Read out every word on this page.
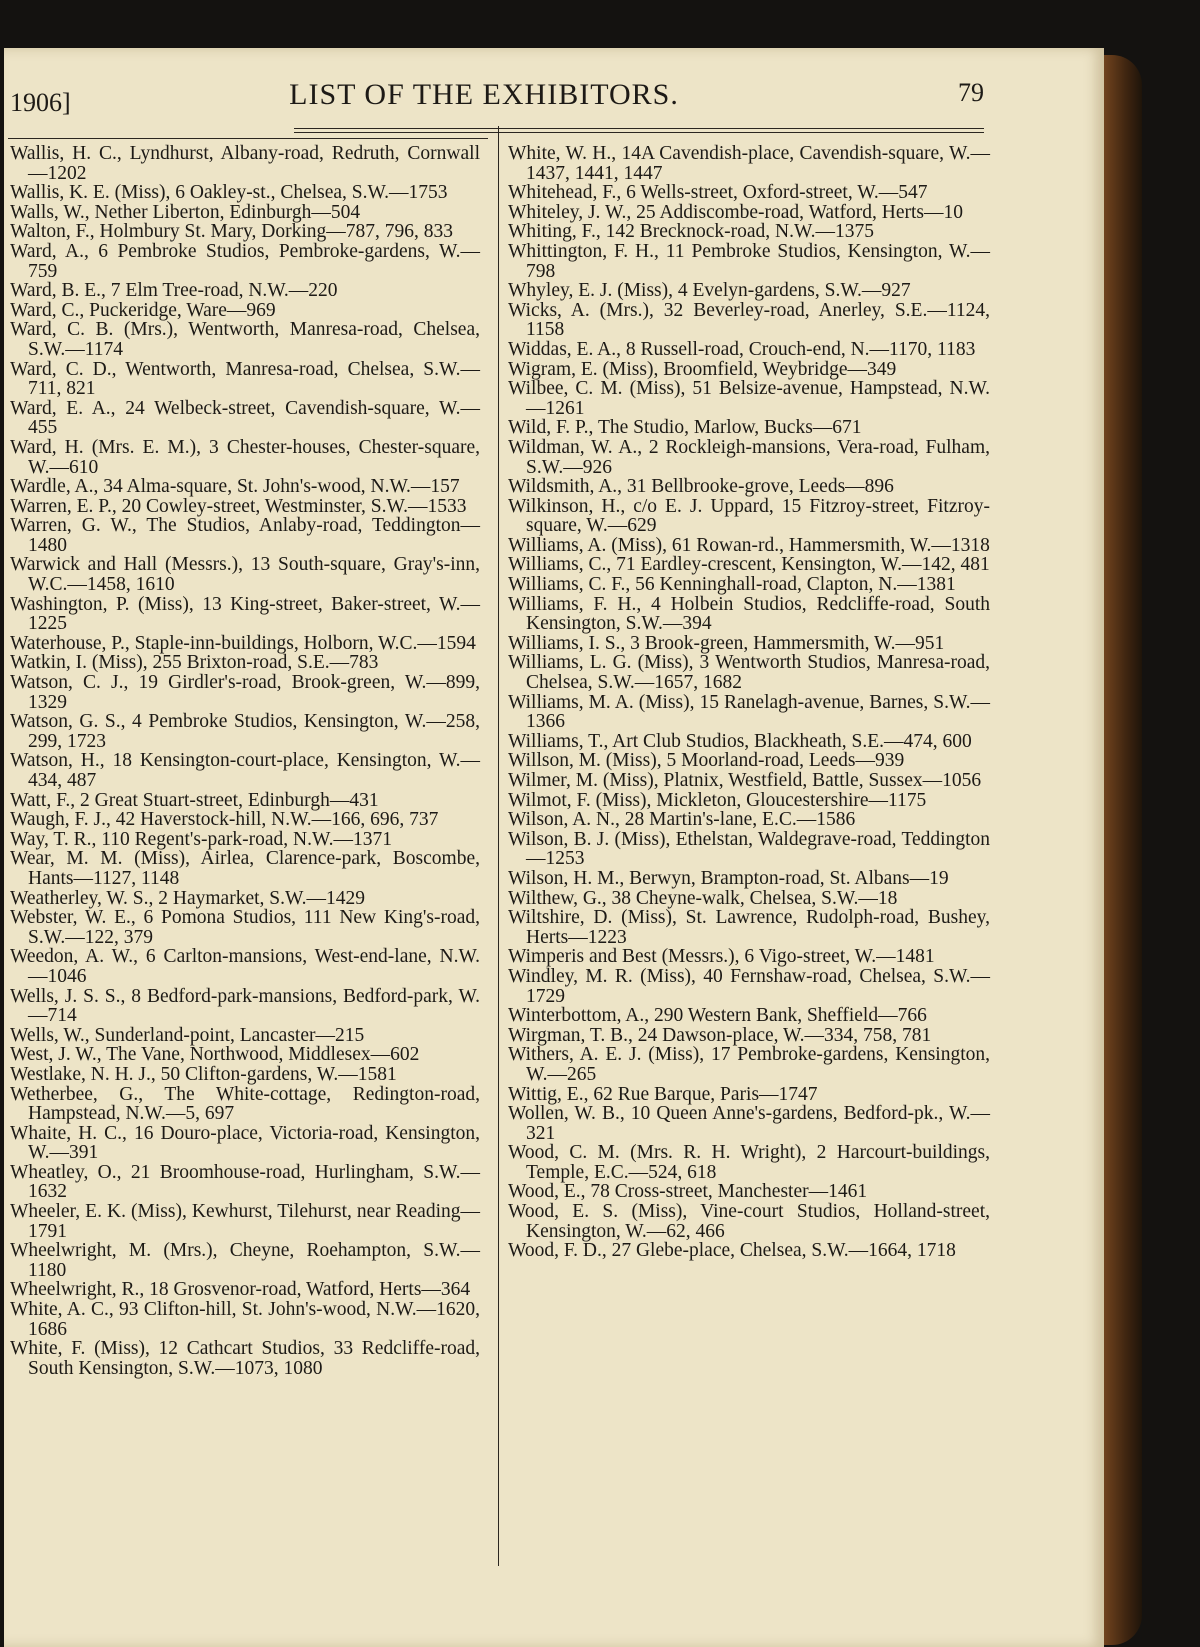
1906]	LIST OF THE EXHIBITORS.	79

Wallis, H. C., Lyndhurst, Albany-road, Redruth, Cornwall—1202

Wallis, K. E. (Miss), 6 Oakley-st., Chelsea, S.W.—1753

Walls, W., Nether Liberton, Edinburgh—504

Walton, F., Holmbury St. Mary, Dorking—787, 796, 833

Ward, A., 6 Pembroke Studios, Pembroke-gardens, W.—759

Ward, B. E., 7 Elm Tree-road, N.W.—220

Ward, C., Puckeridge, Ware—969

Ward, C. B. (Mrs.), Wentworth, Manresa-road, Chelsea, S.W.—1174

Ward, C. D., Wentworth, Manresa-road, Chelsea, S.W.—711, 821

Ward, E. A., 24 Welbeck-street, Cavendish-square, W.—455

Ward, H. (Mrs. E. M.), 3 Chester-houses, Chester-square, W.—610

Wardle, A., 34 Alma-square, St. John's-wood, N.W.—157

Warren, E. P., 20 Cowley-street, Westminster, S.W.—1533

Warren, G. W., The Studios, Anlaby-road, Teddington—1480

Warwick and Hall (Messrs.), 13 South-square, Gray's-inn, W.C.—1458, 1610

Washington, P. (Miss), 13 King-street, Baker-street, W.—1225

Waterhouse, P., Staple-inn-buildings, Holborn, W.C.—1594

Watkin, I. (Miss), 255 Brixton-road, S.E.—783

Watson, C. J., 19 Girdler's-road, Brook-green, W.—899, 1329

Watson, G. S., 4 Pembroke Studios, Kensington, W.—258, 299, 1723

Watson, H., 18 Kensington-court-place, Kensington, W.—434, 487

Watt, F., 2 Great Stuart-street, Edinburgh—431

Waugh, F. J., 42 Haverstock-hill, N.W.—166, 696, 737

Way, T. R., 110 Regent's-park-road, N.W.—1371

Wear, M. M. (Miss), Airlea, Clarence-park, Boscombe, Hants—1127, 1148

Weatherley, W. S., 2 Haymarket, S.W.—1429

Webster, W. E., 6 Pomona Studios, 111 New King's-road, S.W.—122, 379

Weedon, A. W., 6 Carlton-mansions, West-end-lane, N.W.—1046

Wells, J. S. S., 8 Bedford-park-mansions, Bedford-park, W.—714

Wells, W., Sunderland-point, Lancaster—215

West, J. W., The Vane, Northwood, Middlesex—602

Westlake, N. H. J., 50 Clifton-gardens, W.—1581

Wetherbee, G., The White-cottage, Redington-road, Hampstead, N.W.—5, 697

Whaite, H. C., 16 Douro-place, Victoria-road, Kensington, W.—391

Wheatley, O., 21 Broomhouse-road, Hurlingham, S.W.—1632

Wheeler, E. K. (Miss), Kewhurst, Tilehurst, near Reading—1791

Wheelwright, M. (Mrs.), Cheyne, Roehampton, S.W.—1180

Wheelwright, R., 18 Grosvenor-road, Watford, Herts—364

White, A. C., 93 Clifton-hill, St. John's-wood, N.W.—1620, 1686

White, F. (Miss), 12 Cathcart Studios, 33 Redcliffe-road, South Kensington, S.W.—1073, 1080

White, W. H., 14A Cavendish-place, Cavendish-square, W.—1437, 1441, 1447

Whitehead, F., 6 Wells-street, Oxford-street, W.—547

Whiteley, J. W., 25 Addiscombe-road, Watford, Herts—10

Whiting, F., 142 Brecknock-road, N.W.—1375

Whittington, F. H., 11 Pembroke Studios, Kensington, W.—798

Whyley, E. J. (Miss), 4 Evelyn-gardens, S.W.—927

Wicks, A. (Mrs.), 32 Beverley-road, Anerley, S.E.—1124, 1158

Widdas, E. A., 8 Russell-road, Crouch-end, N.—1170, 1183

Wigram, E. (Miss), Broomfield, Weybridge—349

Wilbee, C. M. (Miss), 51 Belsize-avenue, Hampstead, N.W.—1261

Wild, F. P., The Studio, Marlow, Bucks—671

Wildman, W. A., 2 Rockleigh-mansions, Vera-road, Fulham, S.W.—926

Wildsmith, A., 31 Bellbrooke-grove, Leeds—896

Wilkinson, H., c/o E. J. Uppard, 15 Fitzroy-street, Fitzroy-square, W.—629

Williams, A. (Miss), 61 Rowan-rd., Hammersmith, W.—1318

Williams, C., 71 Eardley-crescent, Kensington, W.—142, 481

Williams, C. F., 56 Kenninghall-road, Clapton, N.—1381

Williams, F. H., 4 Holbein Studios, Redcliffe-road, South Kensington, S.W.—394

Williams, I. S., 3 Brook-green, Hammersmith, W.—951

Williams, L. G. (Miss), 3 Wentworth Studios, Manresa-road, Chelsea, S.W.—1657, 1682

Williams, M. A. (Miss), 15 Ranelagh-avenue, Barnes, S.W.—1366

Williams, T., Art Club Studios, Blackheath, S.E.—474, 600

Willson, M. (Miss), 5 Moorland-road, Leeds—939

Wilmer, M. (Miss), Platnix, Westfield, Battle, Sussex—1056

Wilmot, F. (Miss), Mickleton, Gloucestershire—1175

Wilson, A. N., 28 Martin's-lane, E.C.—1586

Wilson, B. J. (Miss), Ethelstan, Waldegrave-road, Teddington—1253

Wilson, H. M., Berwyn, Brampton-road, St. Albans—19

Wilthew, G., 38 Cheyne-walk, Chelsea, S.W.—18

Wiltshire, D. (Miss), St. Lawrence, Rudolph-road, Bushey, Herts—1223

Wimperis and Best (Messrs.), 6 Vigo-street, W.—1481

Windley, M. R. (Miss), 40 Fernshaw-road, Chelsea, S.W.—1729

Winterbottom, A., 290 Western Bank, Sheffield—766

Wirgman, T. B., 24 Dawson-place, W.—334, 758, 781

Withers, A. E. J. (Miss), 17 Pembroke-gardens, Kensington, W.—265

Wittig, E., 62 Rue Barque, Paris—1747

Wollen, W. B., 10 Queen Anne's-gardens, Bedford-pk., W.—321

Wood, C. M. (Mrs. R. H. Wright), 2 Harcourt-buildings, Temple, E.C.—524, 618

Wood, E., 78 Cross-street, Manchester—1461

Wood, E. S. (Miss), Vine-court Studios, Holland-street, Kensington, W.—62, 466

Wood, F. D., 27 Glebe-place, Chelsea, S.W.—1664, 1718
